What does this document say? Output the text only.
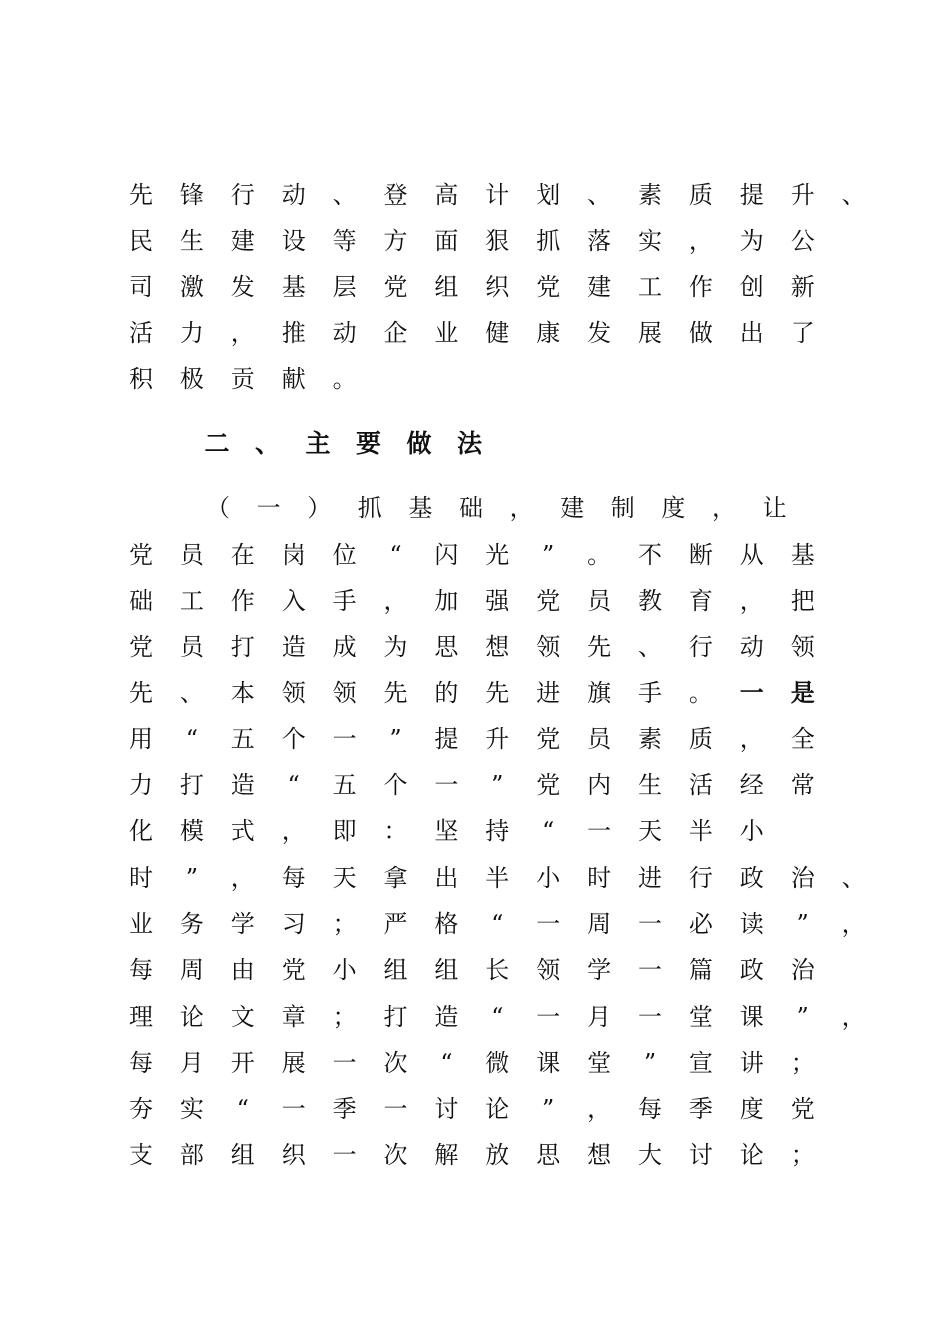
先 锋 行 动 、 登 高 计 划 、 素 质 提 升 、
民 生 建 设 等 方 面 狠 抓 落 实 ， 为 公
司 激 发 基 层 党 组 织 党 建 工 作 创 新
活 力 ， 推 动 企 业 健 康 发 展 做 出 了
积 极 贡 献 。
二 、 主 要 做 法
（ 一 ） 抓 基 础 ， 建 制 度 ， 让
党 员 在 岗 位	“	闪 光	”	。 不 断 从 基
础 工 作 入 手 ， 加 强 党 员 教 育 ， 把
党 员 打 造 成 为 思 想 领 先 、 行 动 领
先 、 本 领 领 先 的 先 进 旗 手 。 一 是
用	“	五 个 一	”	提 升 党 员 素 质 ， 全
力 打 造	“	五 个 一	”	党 内 生 活 经 常
化 模 式 ， 即 ： 坚 持	“	一 天 半 小
时	”	， 每 天 拿 出 半 小 时 进 行 政 治 、
业 务 学 习 ； 严 格	“	一 周 一 必 读	”	，
每 周 由 党 小 组 组 长 领 学 一 篇 政 治
理 论 文 章 ； 打 造	“	一 月 一 堂 课	”	，
每 月 开 展 一 次	“	微 课 堂	”	宣 讲 ；
夯 实	“	一 季 一 讨 论	”	， 每 季 度 党
支 部 组 织 一 次 解 放 思 想 大 讨 论 ；
